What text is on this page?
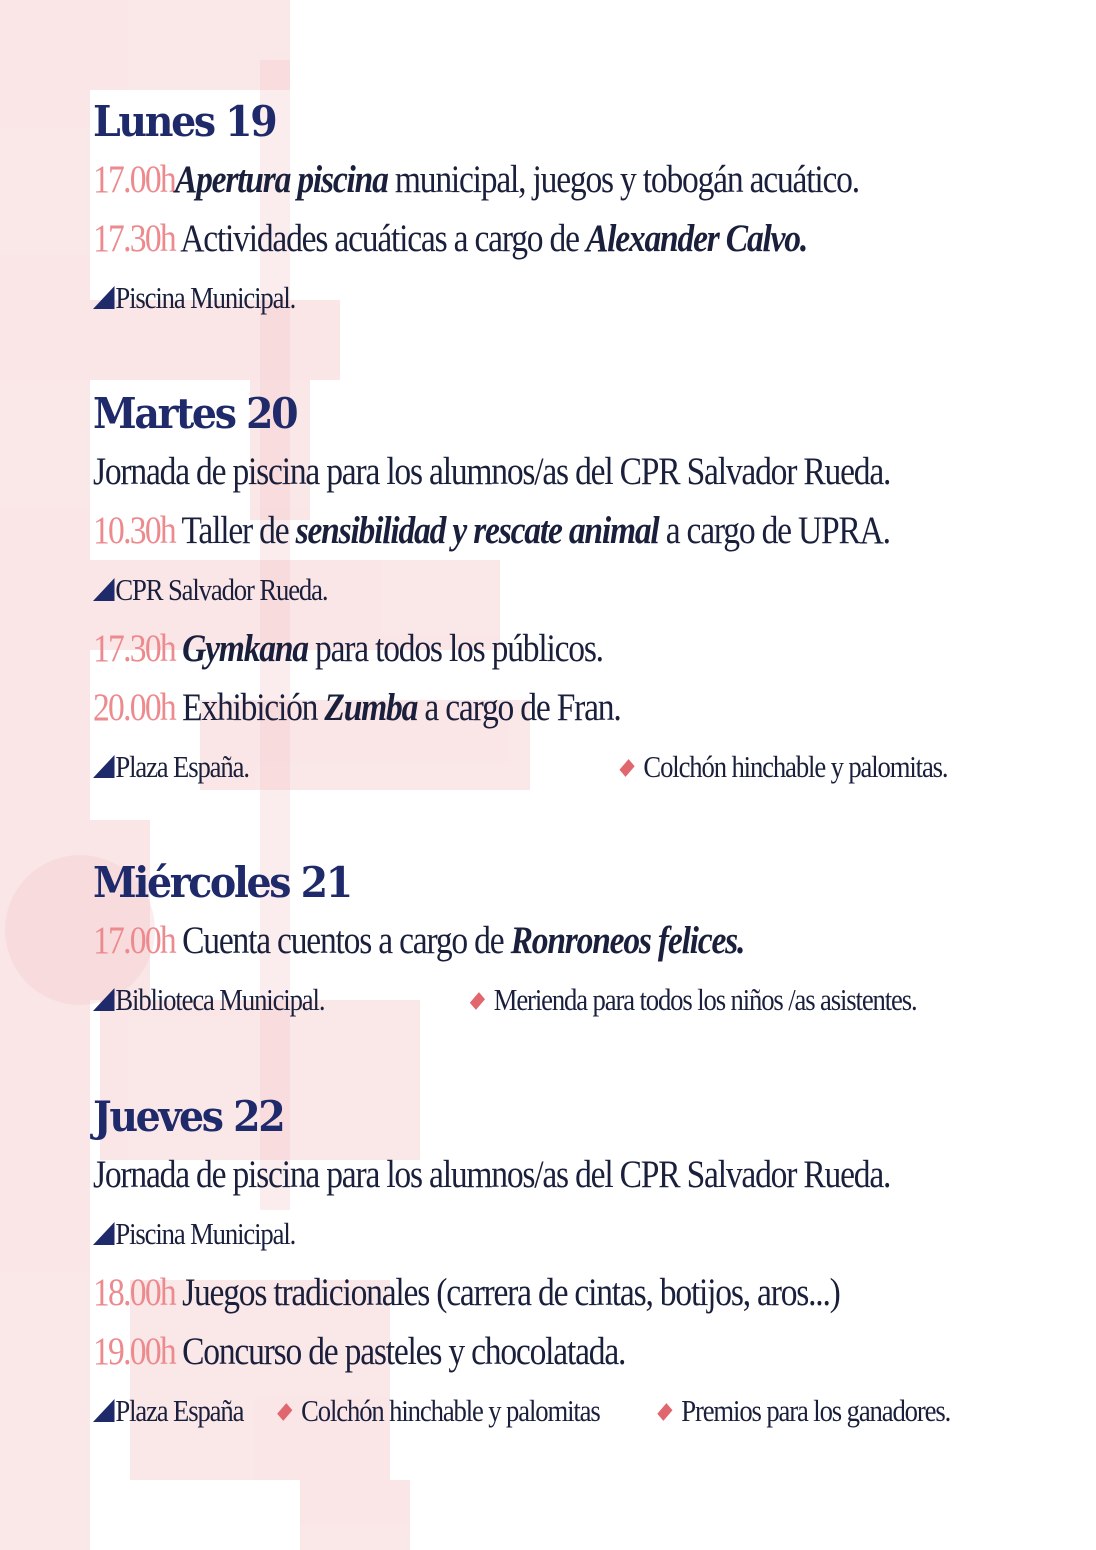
Lunes 19
17.00hApertura piscina municipal, juegos y tobogán acuático.
17.30h Actividades acuáticas a cargo de Alexander Calvo.
Piscina Municipal.
Martes 20
Jornada de piscina para los alumnos/as del CPR Salvador Rueda.
10.30h Taller de sensibilidad y rescate animal a cargo de UPRA.
CPR Salvador Rueda.
17.30h Gymkana para todos los públicos.
20.00h Exhibición Zumba a cargo de Fran.
Plaza España.	Colchón hinchable y palomitas.
Miércoles 21
17.00h Cuenta cuentos a cargo de Ronroneos felices.
Biblioteca Municipal.	Merienda para todos los niños /as asistentes.
Jueves 22
Jornada de piscina para los alumnos/as del CPR Salvador Rueda.
Piscina Municipal.
18.00h Juegos tradicionales (carrera de cintas, botijos, aros...)
19.00h Concurso de pasteles y chocolatada.
Plaza España	Colchón hinchable y palomitas	Premios para los ganadores.
